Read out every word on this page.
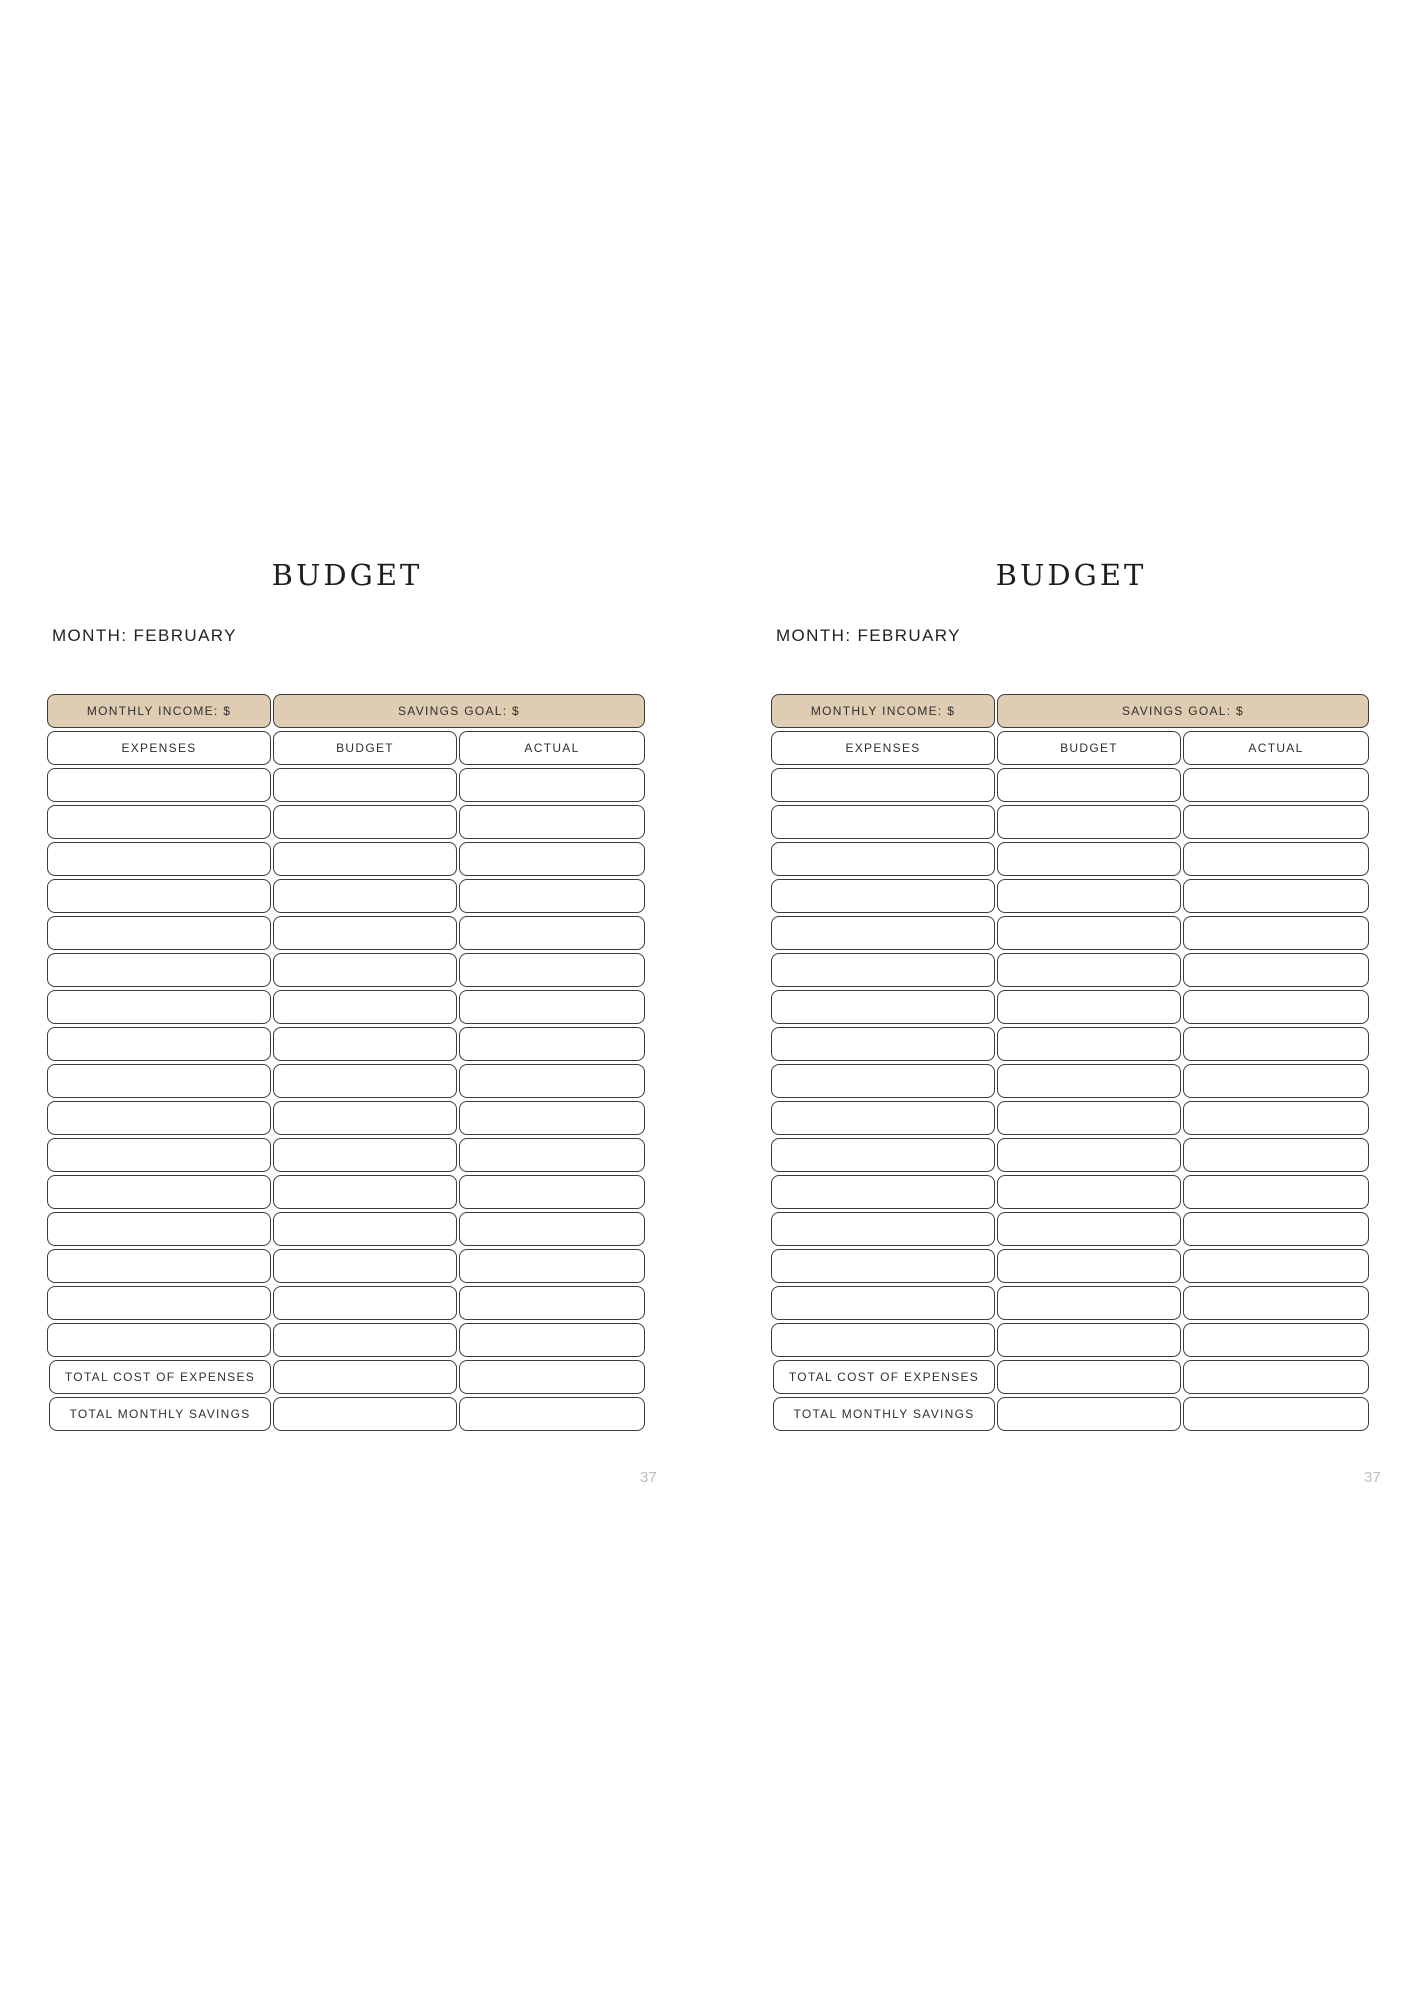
BUDGET
MONTH: FEBRUARY
MONTHLY INCOME: $	SAVINGS GOAL: $
EXPENSES	BUDGET	ACTUAL
TOTAL COST OF EXPENSES
TOTAL MONTHLY SAVINGS
37
BUDGET
MONTH: FEBRUARY
MONTHLY INCOME: $	SAVINGS GOAL: $
EXPENSES	BUDGET	ACTUAL
TOTAL COST OF EXPENSES
TOTAL MONTHLY SAVINGS
37
